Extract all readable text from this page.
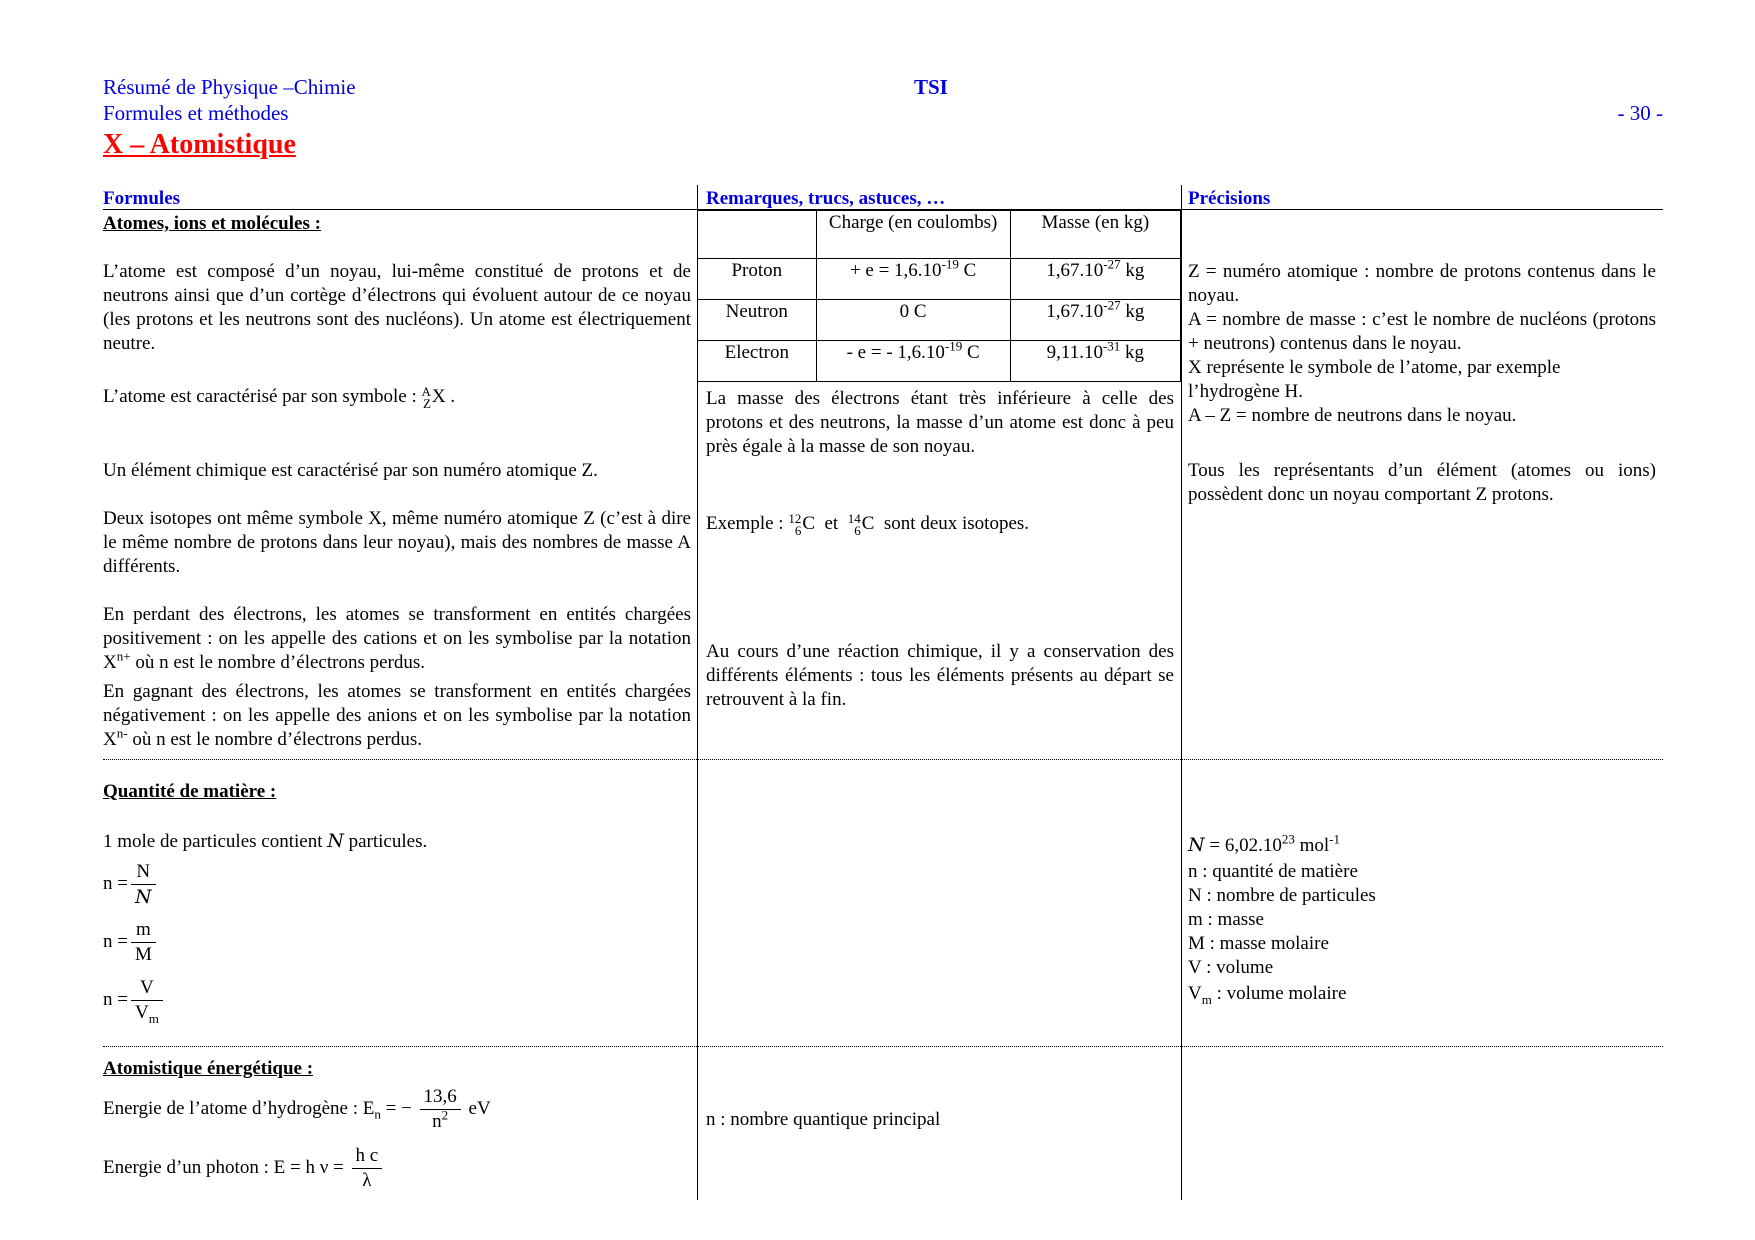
Résumé de Physique –Chimie
Formules et méthodes
TSI
- 30 -
X – Atomistique
Formules	Remarques, trucs, astuces, …	Précisions
Atomes, ions et molécules :
L’atome est composé d’un noyau, lui-même constitué de protons et de neutrons ainsi que d’un cortège d’électrons qui évoluent autour de ce noyau (les protons et les neutrons sont des nucléons). Un atome est électriquement neutre.
L’atome est caractérisé par son symbole : A
Z X .
Un élément chimique est caractérisé par son numéro atomique Z.
Deux isotopes ont même symbole X, même numéro atomique Z (c’est à dire le même nombre de protons dans leur noyau), mais des nombres de masse A différents.
En perdant des électrons, les atomes se transforment en entités chargées positivement : on les appelle des cations et on les symbolise par la notation $X^{n+}$ où n est le nombre d’électrons perdus.
En gagnant des électrons, les atomes se transforment en entités chargées négativement : on les appelle des anions et on les symbolise par la notation $X^{n-}$ où n est le nombre d’électrons perdus.
	Charge (en coulombs)	Masse (en kg)
Proton	+ $e = 1,6.10^{-19}$ C	$1,67.10^{-27}$ kg
Neutron	0 C	$1,67.10^{-27}$ kg
Electron	- e = - $1,6.10^{-19}$ C	$9,11.10^{-31}$ kg
La masse des électrons étant très inférieure à celle des protons et des neutrons, la masse d’un atome est donc à peu près égale à la masse de son noyau.
Exemple : 12
6 C et 14
6 C sont deux isotopes.
Au cours d’une réaction chimique, il y a conservation des différents éléments : tous les éléments présents au départ se retrouvent à la fin.
n : nombre quantique principal
Z = numéro atomique : nombre de protons contenus dans le noyau.
A = nombre de masse : c’est le nombre de nucléons (protons + neutrons) contenus dans le noyau.
X représente le symbole de l’atome, par exemple l’hydrogène H.
A – Z = nombre de neutrons dans le noyau.
Tous les représentants d’un élément (atomes ou ions) possèdent donc un noyau comportant Z protons.
$N = 6,02.10^{23}$ mol$^{-1}$
n : quantité de matière
N : nombre de particules
m : masse
M : masse molaire
V : volume
$V_m$ : volume molaire
Quantité de matière :
1 mole de particules contient N particules.
$n = \frac{N}{N}$
$n = \frac{m}{M}$
$n = \frac{V}{V_m}$
Atomistique énergétique :
Energie de l’atome d’hydrogène : $E_n$ = − $\frac{13,6}{n^2}$ eV
Energie d’un photon : E = h $\nu = \frac{\text{h c}}{\lambda}$
